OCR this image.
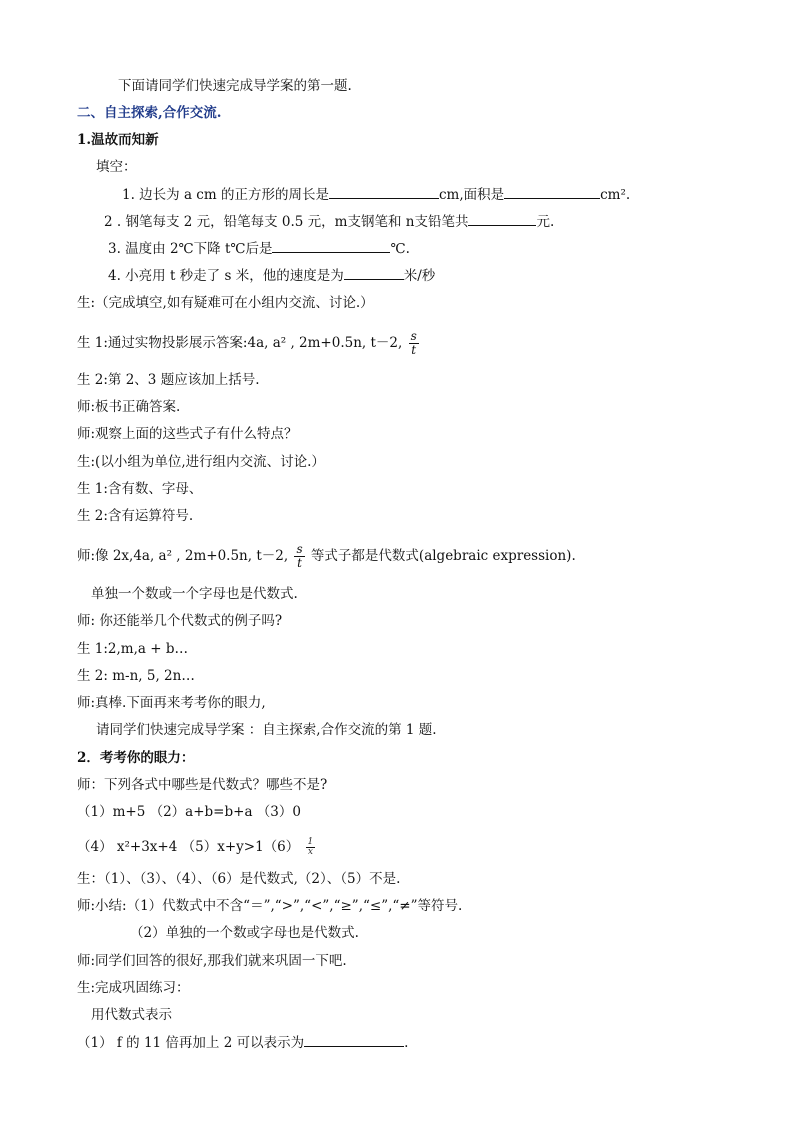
下面请同学们快速完成导学案的第一题.
二、自主探索,合作交流.
1.温故而知新
填空：
1. 边长为 a cm 的正方形的周长是	cm,面积是	cm².
2 . 钢笔每支 2 元，铅笔每支 0.5 元，m支钢笔和 n支铅笔共	元.
3. 温度由 2℃下降 t℃后是	℃.
4. 小亮用 t 秒走了 s 米，他的速度是为	米/秒
生:（完成填空,如有疑难可在小组内交流、讨论.）
生 1:通过实物投影展示答案:4a, a² , 2m+0.5n, t－2, $\frac{s}{t}$
生 2:第 2、3 题应该加上括号.
师:板书正确答案.
师:观察上面的这些式子有什么特点？
生:(以小组为单位,进行组内交流、讨论.）
生 1:含有数、字母、
生 2:含有运算符号.
师:像 2x,4a, a² , 2m+0.5n, t－2, $\frac{s}{t}$ 等式子都是代数式(algebraic expression).
单独一个数或一个字母也是代数式.
师: 你还能举几个代数式的例子吗?
生 1:2,m,a + b…
生 2: m-n, 5, 2n…
师:真棒.下面再来考考你的眼力,
请同学们快速完成导学案 ：自主探索,合作交流的第 1 题.
2．考考你的眼力：
师：下列各式中哪些是代数式？哪些不是?
（1）m+5 （2）a+b=b+a （3）0
（4） x²+3x+4 $(5)x+y>1(6) \frac{1}{x}$
生：（1）、（3）、（4）、（6）是代数式,（2）、（5）不是.
师:小结:（1）代数式中不含“＝”,“>”,“<”,“≥”,“≤”,“≠”等符号.
（2）单独的一个数或字母也是代数式.
师:同学们回答的很好,那我们就来巩固一下吧.
生:完成巩固练习：
用代数式表示
（1） f 的 11 倍再加上 2 可以表示为	.
